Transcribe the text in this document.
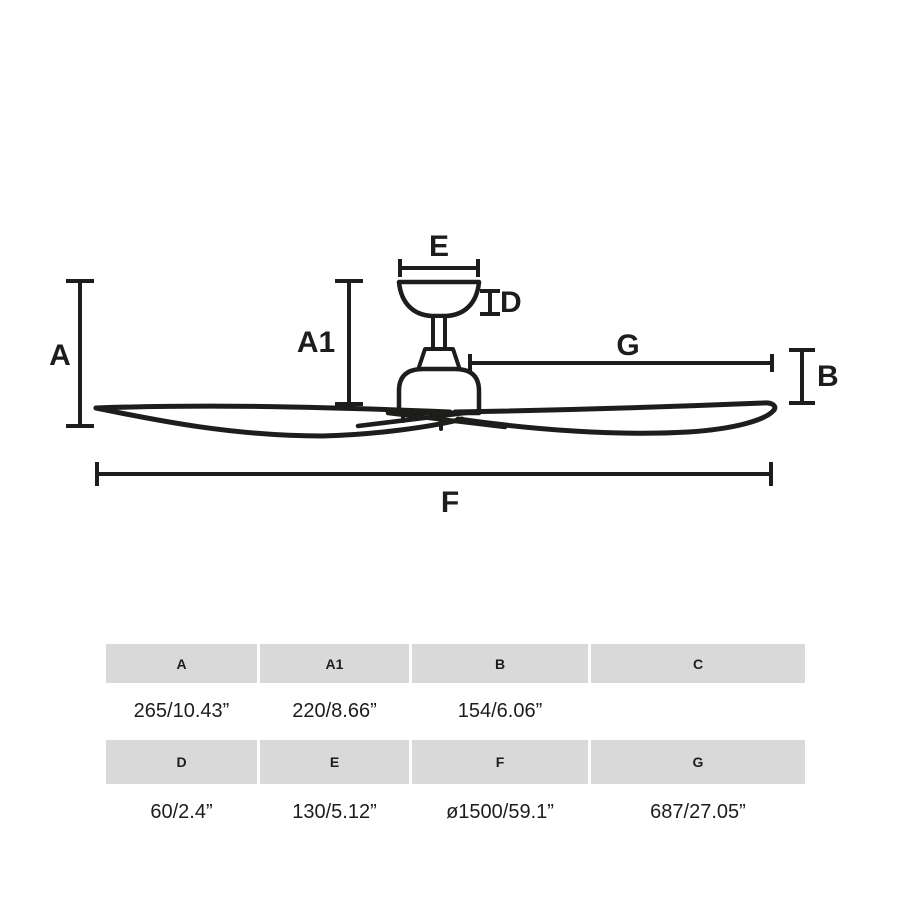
A	A1
E
D
G
B
F
A	A1	B	C
265/10.43”	220/8.66”	154/6.06”
D	E	F	G
60/2.4”	130/5.12”	ø1500/59.1”	687/27.05”
